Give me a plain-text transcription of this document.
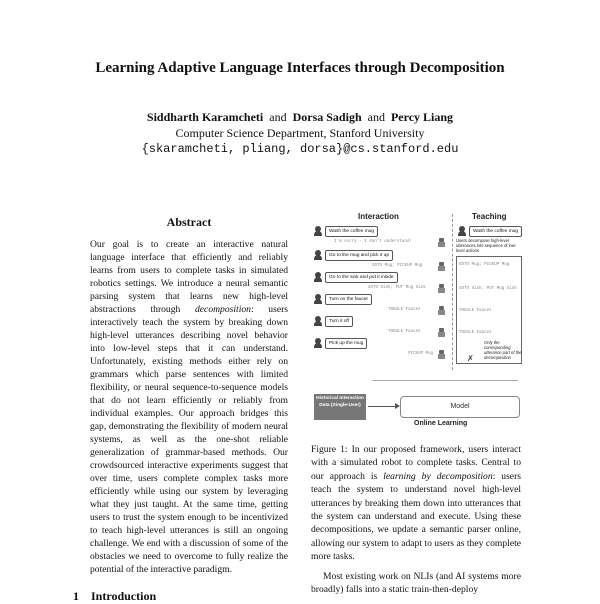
Learning Adaptive Language Interfaces through Decomposition
Siddharth Karamcheti and Dorsa Sadigh and Percy Liang
Computer Science Department, Stanford University
{skaramcheti, pliang, dorsa}@cs.stanford.edu
Abstract
Our goal is to create an interactive natural language interface that efficiently and reliably learns from users to complete tasks in simulated robotics settings. We introduce a neural semantic parsing system that learns new high-level abstractions through decomposition: users interactively teach the system by breaking down high-level utterances describing novel behavior into low-level steps that it can understand. Unfortunately, existing methods either rely on grammars which parse sentences with limited flexibility, or neural sequence-to-sequence models that do not learn efficiently or reliably from individual examples. Our approach bridges this gap, demonstrating the flexibility of modern neural systems, as well as the one-shot reliable generalization of grammar-based methods. Our crowdsourced interactive experiments suggest that over time, users complete complex tasks more efficiently while using our system by leveraging what they just taught. At the same time, getting users to trust the system enough to be incentivized to teach high-level utterances is still an ongoing challenge. We end with a discussion of some of the obstacles we need to overcome to fully realize the potential of the interactive paradigm.
1 Introduction
Interaction	Teaching
Wash the coffee mug
I'm sorry - I don't understand!
Go to the mug and pick it up
GOTO Mug; PICKUP Mug
Go to the sink and put it inside
GOTO Sink; PUT Mug Sink
Turn on the faucet
TOGGLE Faucet
Turn it off
TOGGLE Faucet
Pick up the mug
PICKUP Mug
Wash the coffee mug
Users decompose high-level utterances into sequence of low-level actions
GOTO Mug; PICKUP Mug
GOTO Sink; PUT Mug Sink
TOGGLE Faucet
TOGGLE Faucet
Only the corresponding utterance part of the decomposition
✗
Historical Interaction Data (Single-User)	Model
Online Learning
Figure 1: In our proposed framework, users interact with a simulated robot to complete tasks. Central to our approach is learning by decomposition: users teach the system to understand novel high-level utterances by breaking them down into utterances that the system can understand and execute. Using these decompositions, we update a semantic parser online, allowing our system to adapt to users as they complete more tasks.
Most existing work on NLIs (and AI systems more broadly) falls into a static train-then-deploy
